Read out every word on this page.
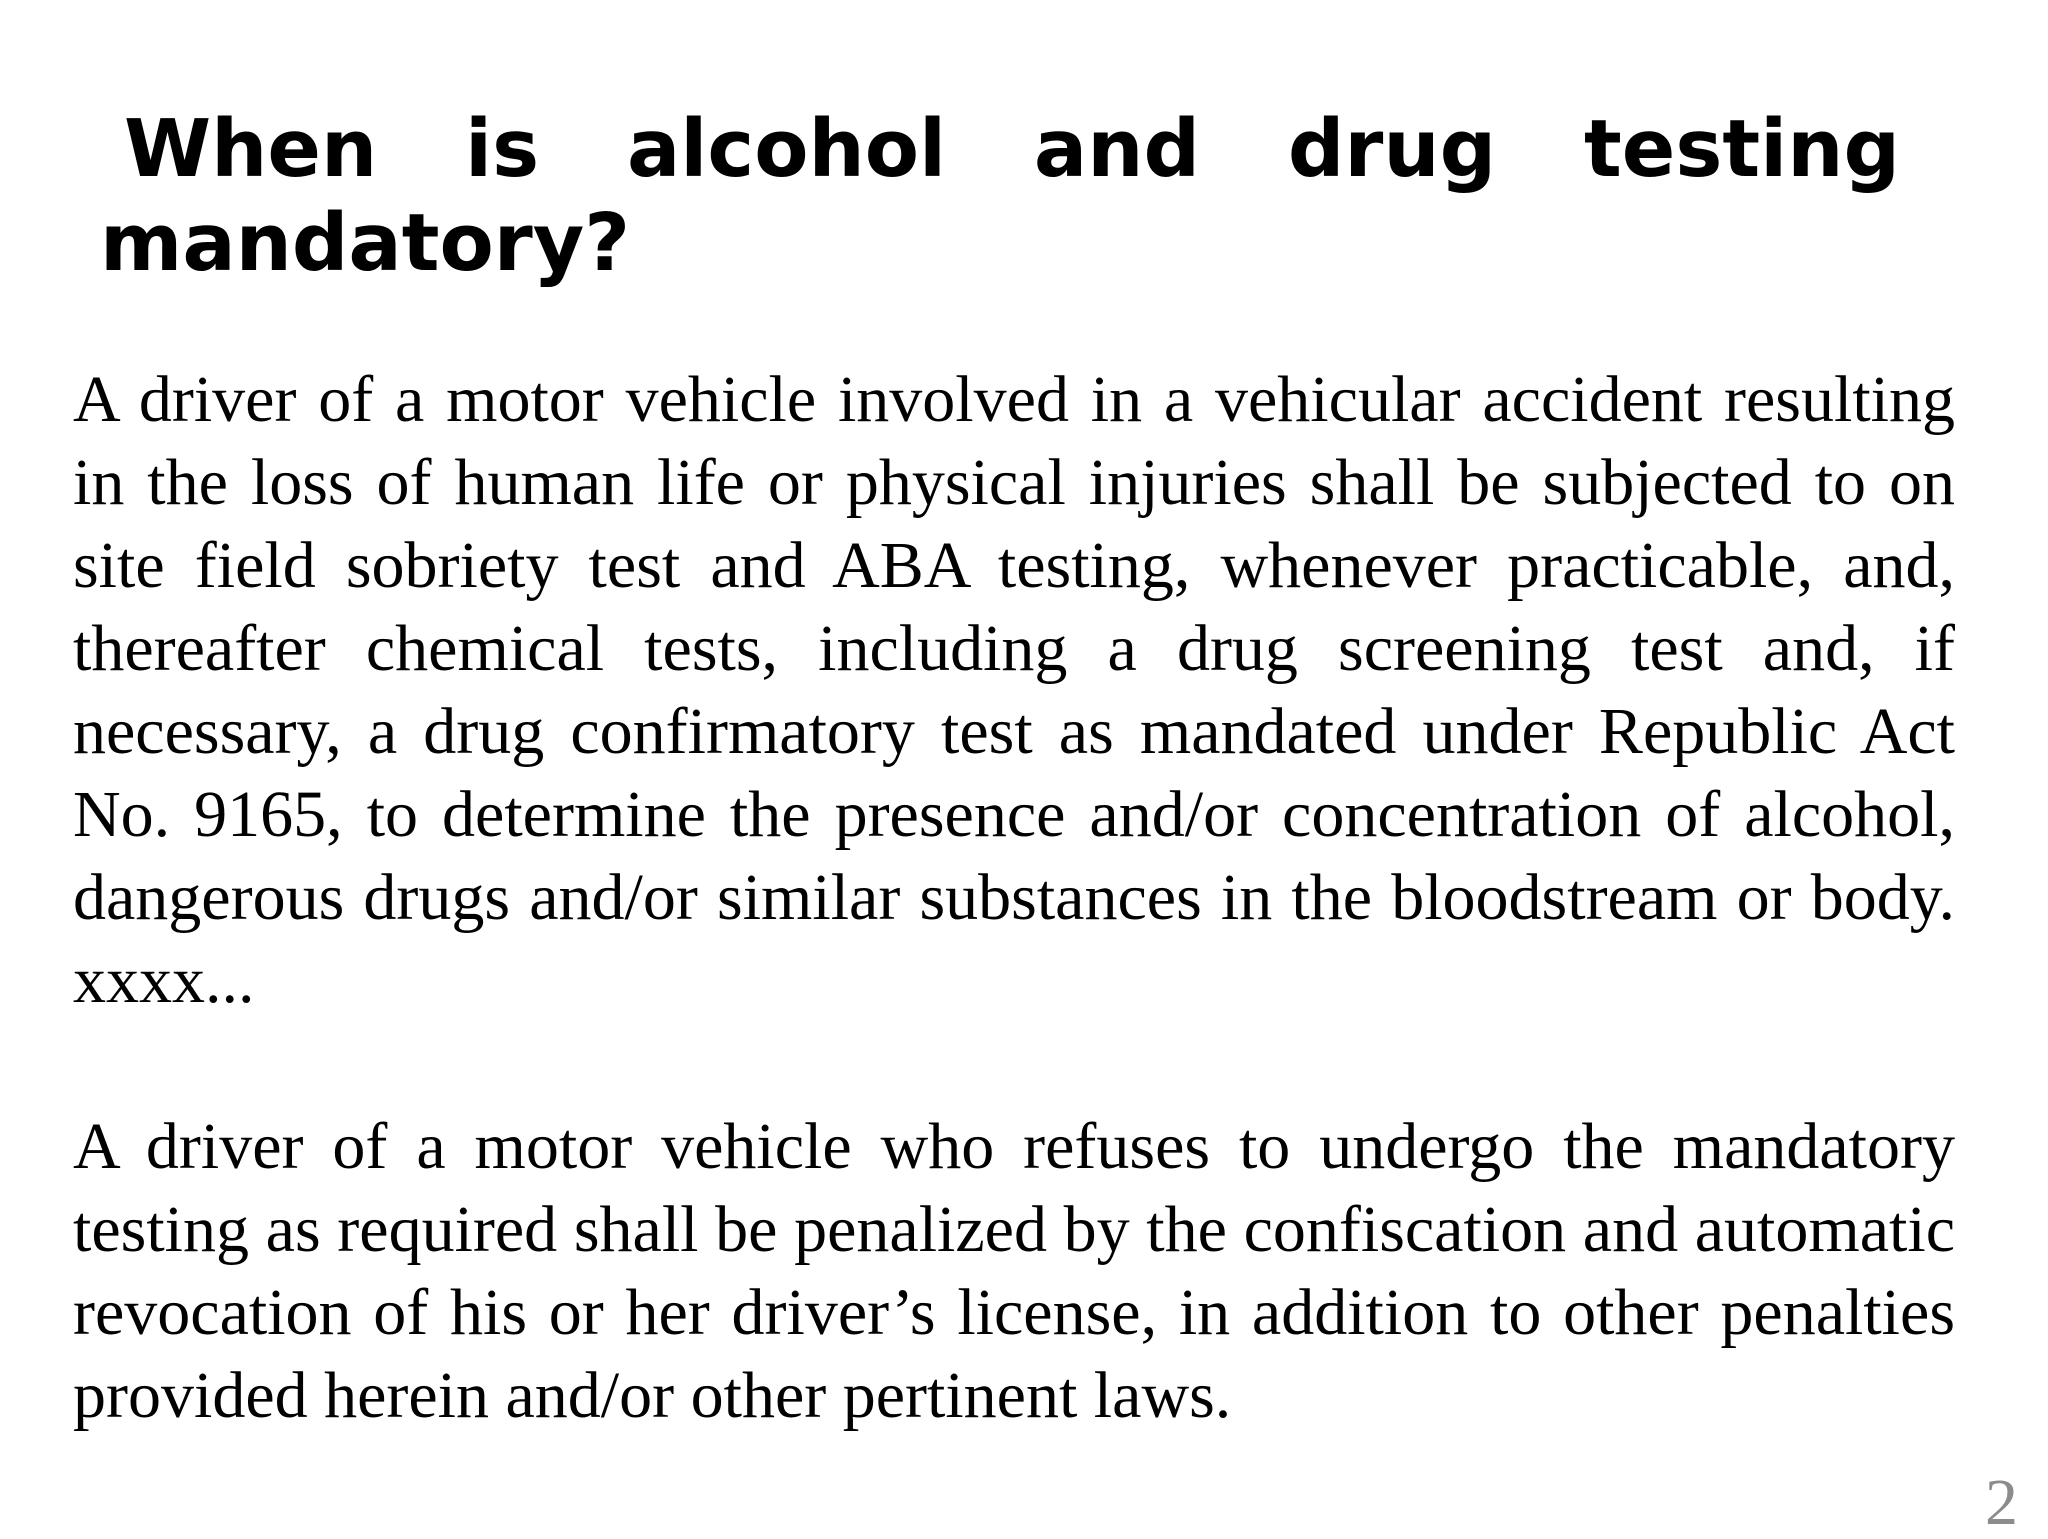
When is alcohol and drug testing
mandatory?

A driver of a motor vehicle involved in a vehicular accident resulting in the loss of human life or physical injuries shall be subjected to on site field sobriety test and ABA testing, whenever practicable, and, thereafter chemical tests, including a drug screening test and, if necessary, a drug confirmatory test as mandated under Republic Act No. 9165, to determine the presence and/or concentration of alcohol, dangerous drugs and/or similar substances in the bloodstream or body. xxxx...

A driver of a motor vehicle who refuses to undergo the mandatory testing as required shall be penalized by the confiscation and automatic revocation of his or her driver’s license, in addition to other penalties provided herein and/or other pertinent laws.

2
